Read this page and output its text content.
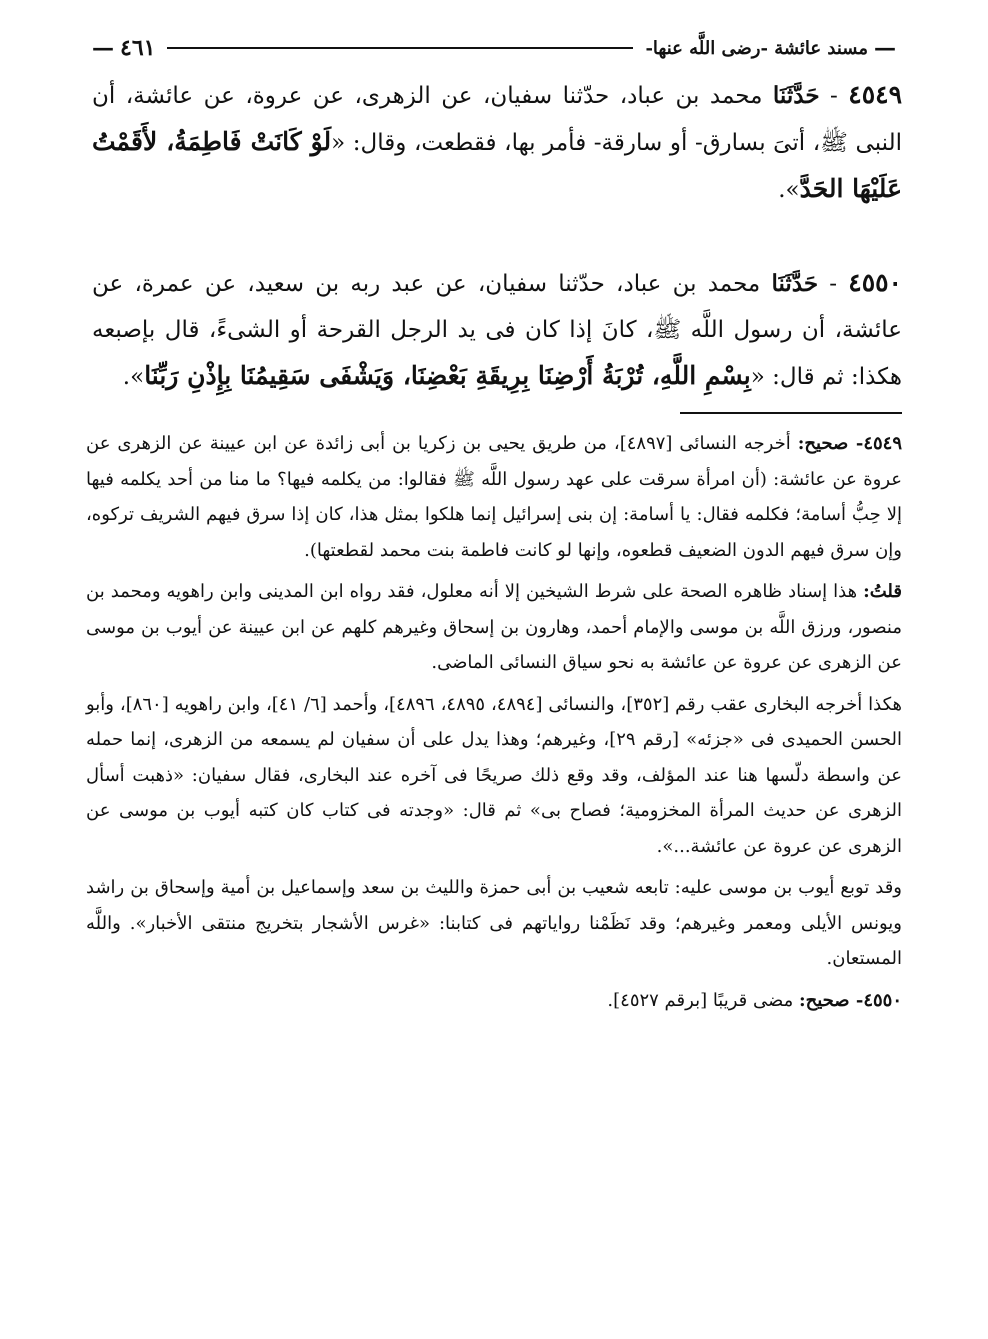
—
مسند عائشة -رضى اللَّه عنها-
٤٦١
—

٤٥٤٩ - حَدَّثَنَا محمد بن عباد، حدّثنا سفيان، عن الزهرى، عن عروة، عن عائشة، أن النبى ﷺ، أتىَ بسارق- أو سارقة- فأمر بها، فقطعت، وقال: «لَوْ كَانَتْ فَاطِمَةُ، لأَقَمْتُ عَلَيْهَا الحَدَّ».

٤٥٥٠ - حَدَّثَنَا محمد بن عباد، حدّثنا سفيان، عن عبد ربه بن سعيد، عن عمرة، عن عائشة، أن رسول اللَّه ﷺ، كانَ إذا كان فى يد الرجل القرحة أو الشىءً، قال بإصبعه هكذا: ثم قال: «بِسْمِ اللَّهِ، تُرْبَةُ أَرْضِنَا بِرِيقَةِ بَعْضِنَا، وَيَشْفَى سَقِيمُنَا بِإِذْنِ رَبِّنَا».

٤٥٤٩- صحيح: أخرجه النسائى [٤٨٩٧]، من طريق يحيى بن زكريا بن أبى زائدة عن ابن عيينة عن الزهرى عن عروة عن عائشة: (أن امرأة سرقت على عهد رسول اللَّه ﷺ فقالوا: من يكلمه فيها؟ ما منا من أحد يكلمه فيها إلا حِبُّ أسامة؛ فكلمه فقال: يا أسامة: إن بنى إسرائيل إنما هلكوا بمثل هذا، كان إذا سرق فيهم الشريف تركوه، وإن سرق فيهم الدون الضعيف قطعوه، وإنها لو كانت فاطمة بنت محمد لقطعتها).

قلتُ: هذا إسناد ظاهره الصحة على شرط الشيخين إلا أنه معلول، فقد رواه ابن المدينى وابن راهويه ومحمد بن منصور، ورزق اللَّه بن موسى والإمام أحمد، وهارون بن إسحاق وغيرهم كلهم عن ابن عيينة عن أيوب بن موسى عن الزهرى عن عروة عن عائشة به نحو سياق النسائى الماضى.

هكذا أخرجه البخارى عقب رقم [٣٥٢]، والنسائى [٤٨٩٤، ٤٨٩٥، ٤٨٩٦]، وأحمد [٦/ ٤١]، وابن راهويه [٨٦٠]، وأبو الحسن الحميدى فى «جزئه» [رقم ٢٩]، وغيرهم؛ وهذا يدل على أن سفيان لم يسمعه من الزهرى، إنما حمله عن واسطة دلّسها هنا عند المؤلف، وقد وقع ذلك صريحًا فى آخره عند البخارى، فقال سفيان: «ذهبت أسأل الزهرى عن حديث المرأة المخزومية؛ فصاح بى» ثم قال: «وجدته فى كتاب كان كتبه أيوب بن موسى عن الزهرى عن عروة عن عائشة...».

وقد توبع أيوب بن موسى عليه: تابعه شعيب بن أبى حمزة والليث بن سعد وإسماعيل بن أمية وإسحاق بن راشد ويونس الأيلى ومعمر وغيرهم؛ وقد نَظَمْنا رواياتهم فى كتابنا: «غرس الأشجار بتخريج منتقى الأخبار». واللَّه المستعان.

٤٥٥٠- صحيح: مضى قريبًا [برقم ٤٥٢٧].
